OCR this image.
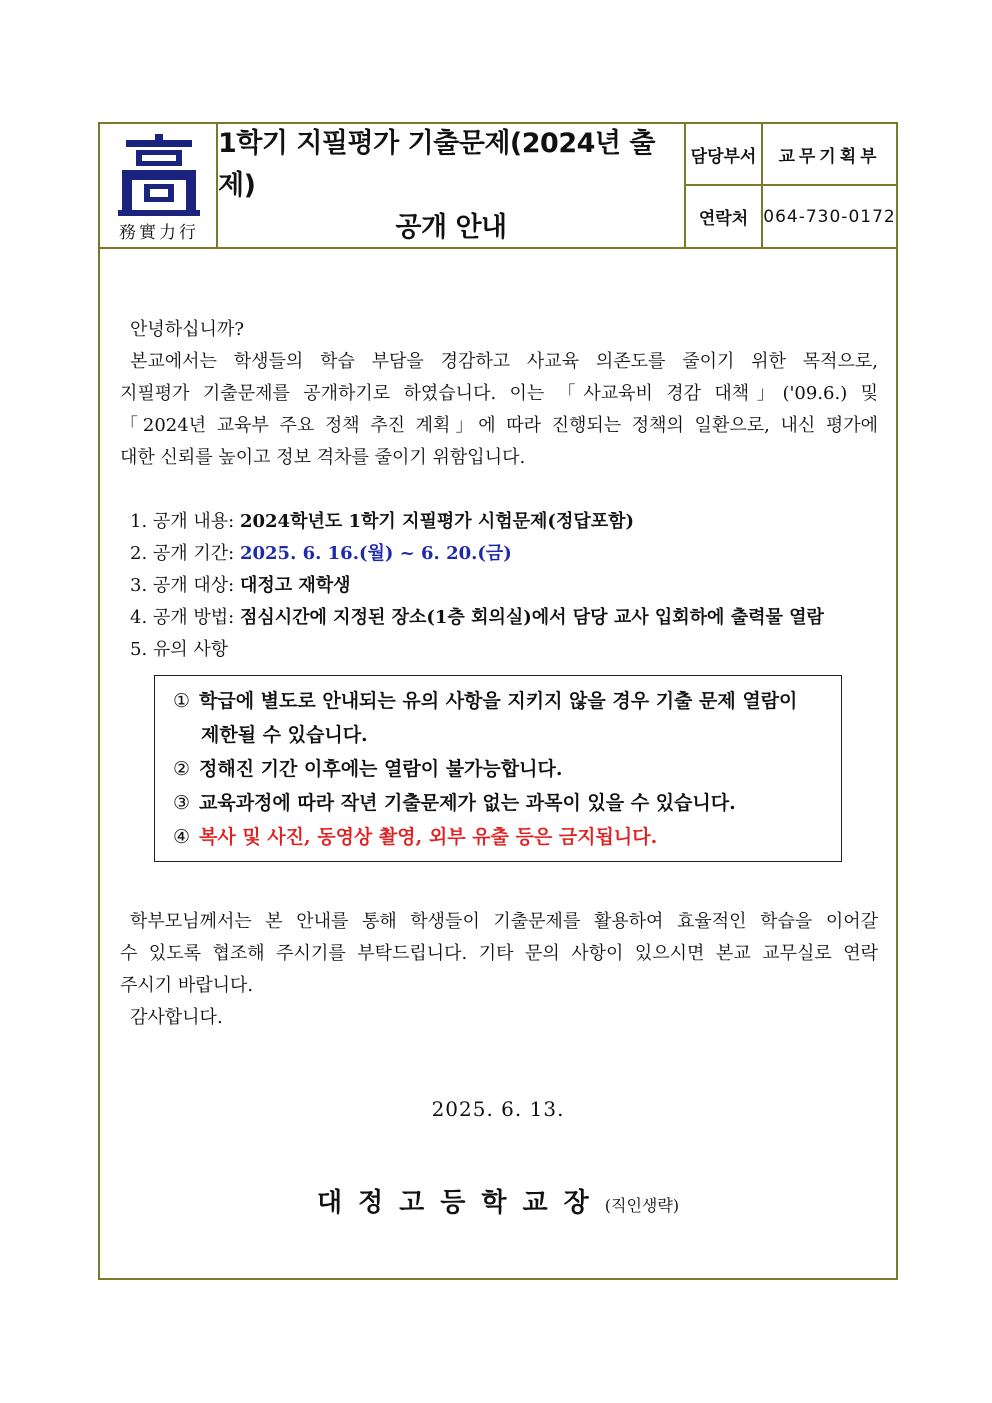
務實力行
1학기 지필평가 기출문제(2024년 출제)
공개 안내
담당부서	교무기획부
연락처 064-730-0172
안녕하십니까?
본교에서는 학생들의 학습 부담을 경감하고 사교육 의존도를 줄이기 위한 목적으로,
지필평가 기출문제를 공개하기로 하였습니다. 이는 「사교육비 경감 대책」('09.6.) 및
「2024년 교육부 주요 정책 추진 계획」에 따라 진행되는 정책의 일환으로, 내신 평가에
대한 신뢰를 높이고 정보 격차를 줄이기 위함입니다.
1. 공개 내용: 2024학년도 1학기 지필평가 시험문제(정답포함)
2. 공개 기간: 2025. 6. 16.(월) ~ 6. 20.(금)
3. 공개 대상: 대정고 재학생
4. 공개 방법: 점심시간에 지정된 장소(1층 회의실)에서 담당 교사 입회하에 출력물 열람
5. 유의 사항
① 학급에 별도로 안내되는 유의 사항을 지키지 않을 경우 기출 문제 열람이
제한될 수 있습니다.
② 정해진 기간 이후에는 열람이 불가능합니다.
③ 교육과정에 따라 작년 기출문제가 없는 과목이 있을 수 있습니다.
④ 복사 및 사진, 동영상 촬영, 외부 유출 등은 금지됩니다.
학부모님께서는 본 안내를 통해 학생들이 기출문제를 활용하여 효율적인 학습을 이어갈
수 있도록 협조해 주시기를 부탁드립니다. 기타 문의 사항이 있으시면 본교 교무실로 연락
주시기 바랍니다.
감사합니다.
2025. 6. 13.
대정고등학교장(직인생략)
